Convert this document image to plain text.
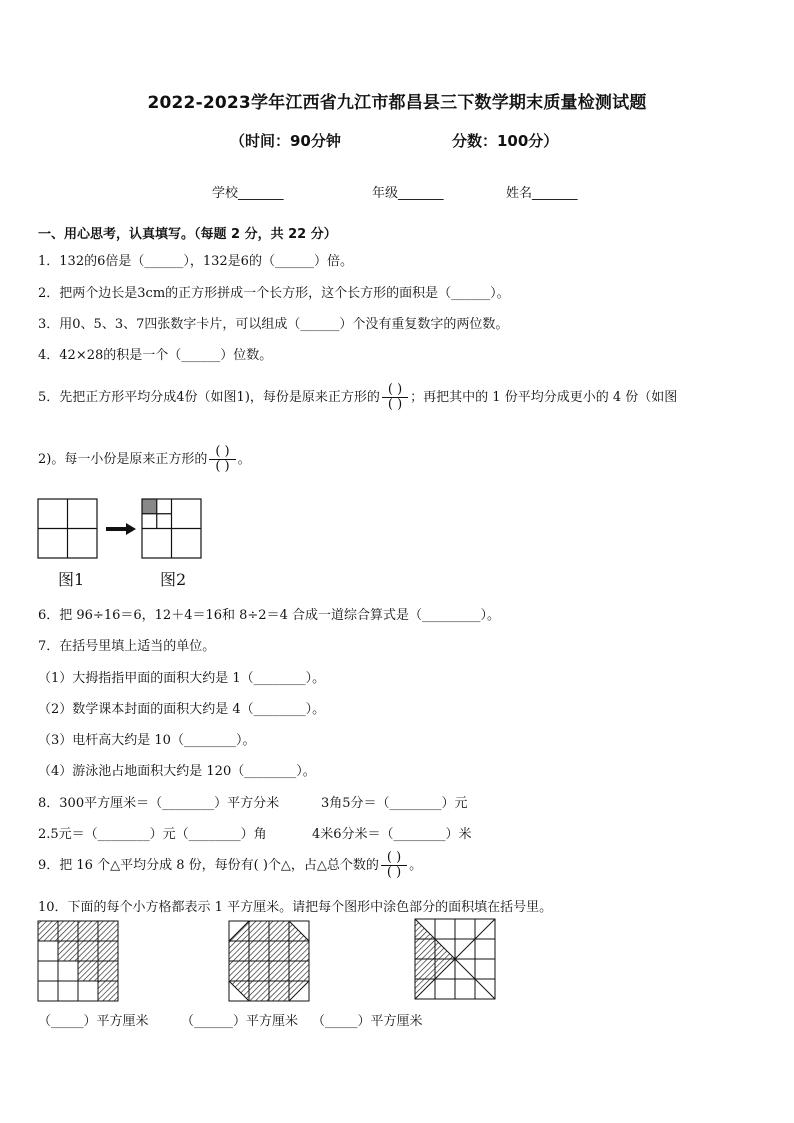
2022-2023学年江西省九江市都昌县三下数学期末质量检测试题
（时间：90分钟	分数：100分）
学校_______	年级_______	姓名_______
一、用心思考，认真填写。（每题 2 分，共 22 分）
1．132的6倍是（______），132是6的（______）倍。
2．把两个边长是3cm的正方形拼成一个长方形，这个长方形的面积是（______）。
3．用0、5、3、7四张数字卡片，可以组成（______）个没有重复数字的两位数。
4．42×28的积是一个（______）位数。
5．先把正方形平均分成4份（如图1)，每份是原来正方形的 $\frac{( )}{( )}$ ；再把其中的 1 份平均分成更小的 4 份（如图
2)。每一小份是原来正方形的 $\frac{( )}{( )}$ 。
图1	图2
6．把 96÷16＝6，12＋4＝16和 8÷2＝4 合成一道综合算式是（_________）。
7．在括号里填上适当的单位。
（1）大拇指指甲面的面积大约是 1（________）。
（2）数学课本封面的面积大约是 4（________）。
（3）电杆高大约是 10（________）。
（4）游泳池占地面积大约是 120（________）。
8．300平方厘米＝（________）平方分米	3角5分＝（________）元
2.5元＝（________）元（________）角	4米6分米＝（________）米
9．把 16 个△平均分成 8 份，每份有( )个△，占△总个数的 $\frac{( )}{( )}$ 。
10．下面的每个小方格都表示 1 平方厘米。请把每个图形中涂色部分的面积填在括号里。
（_____）平方厘米 （______）平方厘米 （_____）平方厘米
